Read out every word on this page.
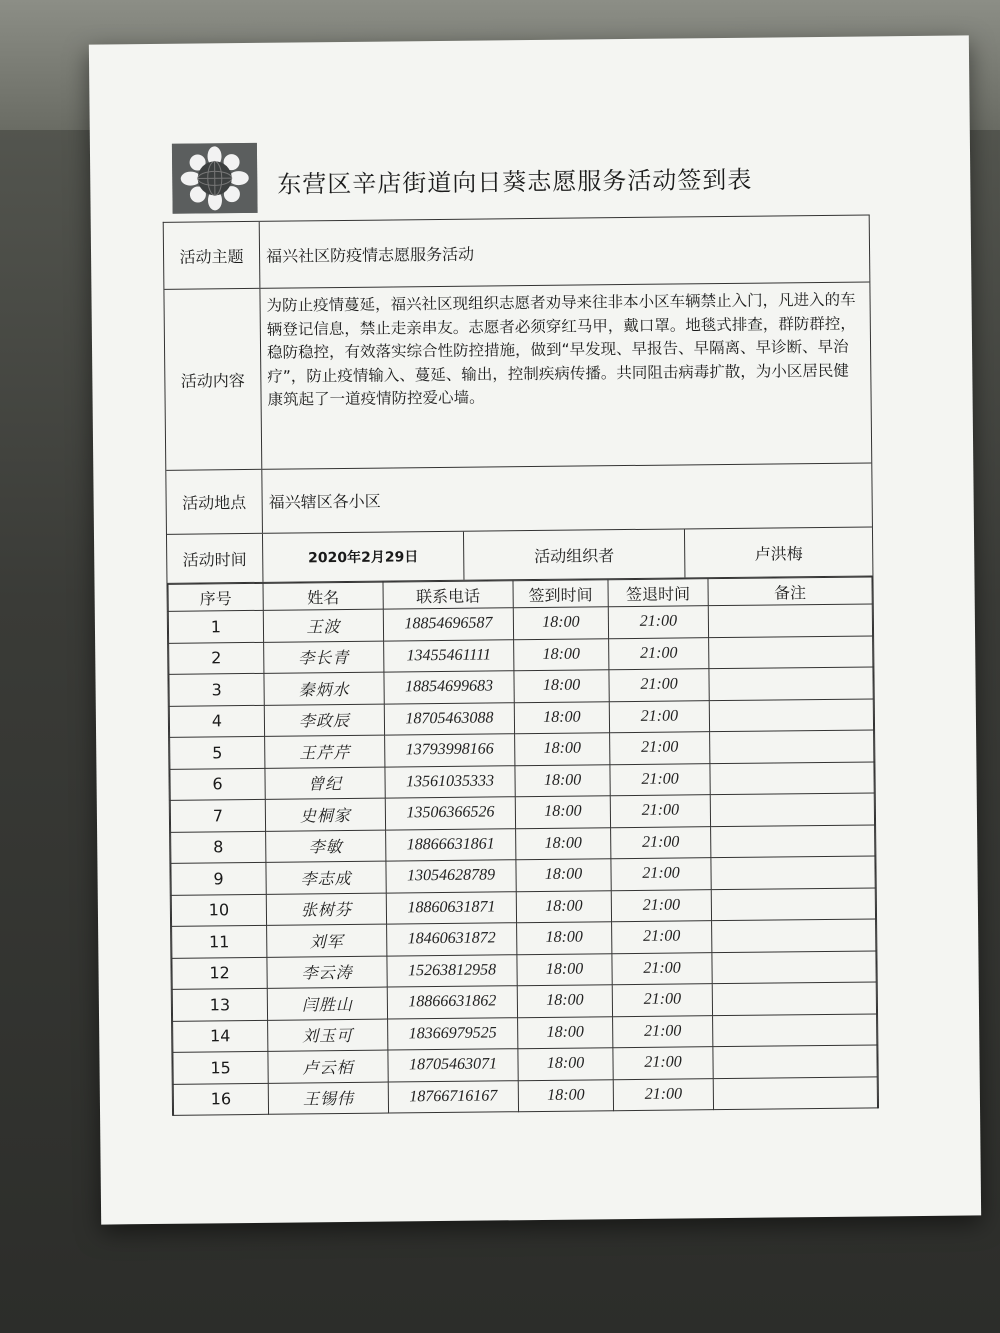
东营区辛店街道向日葵志愿服务活动签到表
活动主题	福兴社区防疫情志愿服务活动
活动内容
为防止疫情蔓延，福兴社区现组织志愿者劝导来往非本小区车辆禁止入门，凡进入的车辆登记信息，禁止走亲串友。志愿者必须穿红马甲，戴口罩。地毯式排查，群防群控，稳防稳控，有效落实综合性防控措施，做到“早发现、早报告、早隔离、早诊断、早治疗”，防止疫情输入、蔓延、输出，控制疾病传播。共同阻击病毒扩散，为小区居民健康筑起了一道疫情防控爱心墙。
活动地点	福兴辖区各小区
活动时间	2020年2月29日	活动组织者	卢洪梅
序号	姓名	联系电话	签到时间	签退时间	备注
1	王波	18854696587	18:00	21:00	
2	李长青	13455461111	18:00	21:00	
3	秦炳水	18854699683	18:00	21:00	
4	李政辰	18705463088	18:00	21:00	
5	王芹芹	13793998166	18:00	21:00	
6	曾纪	13561035333	18:00	21:00	
7	史桐家	13506366526	18:00	21:00	
8	李敏	18866631861	18:00	21:00	
9	李志成	13054628789	18:00	21:00	
10	张树芬	18860631871	18:00	21:00	
11	刘军	18460631872	18:00	21:00	
12	李云涛	15263812958	18:00	21:00	
13	闫胜山	18866631862	18:00	21:00	
14	刘玉可	18366979525	18:00	21:00	
15	卢云栢	18705463071	18:00	21:00	
16	王锡伟	18766716167	18:00	21:00	
